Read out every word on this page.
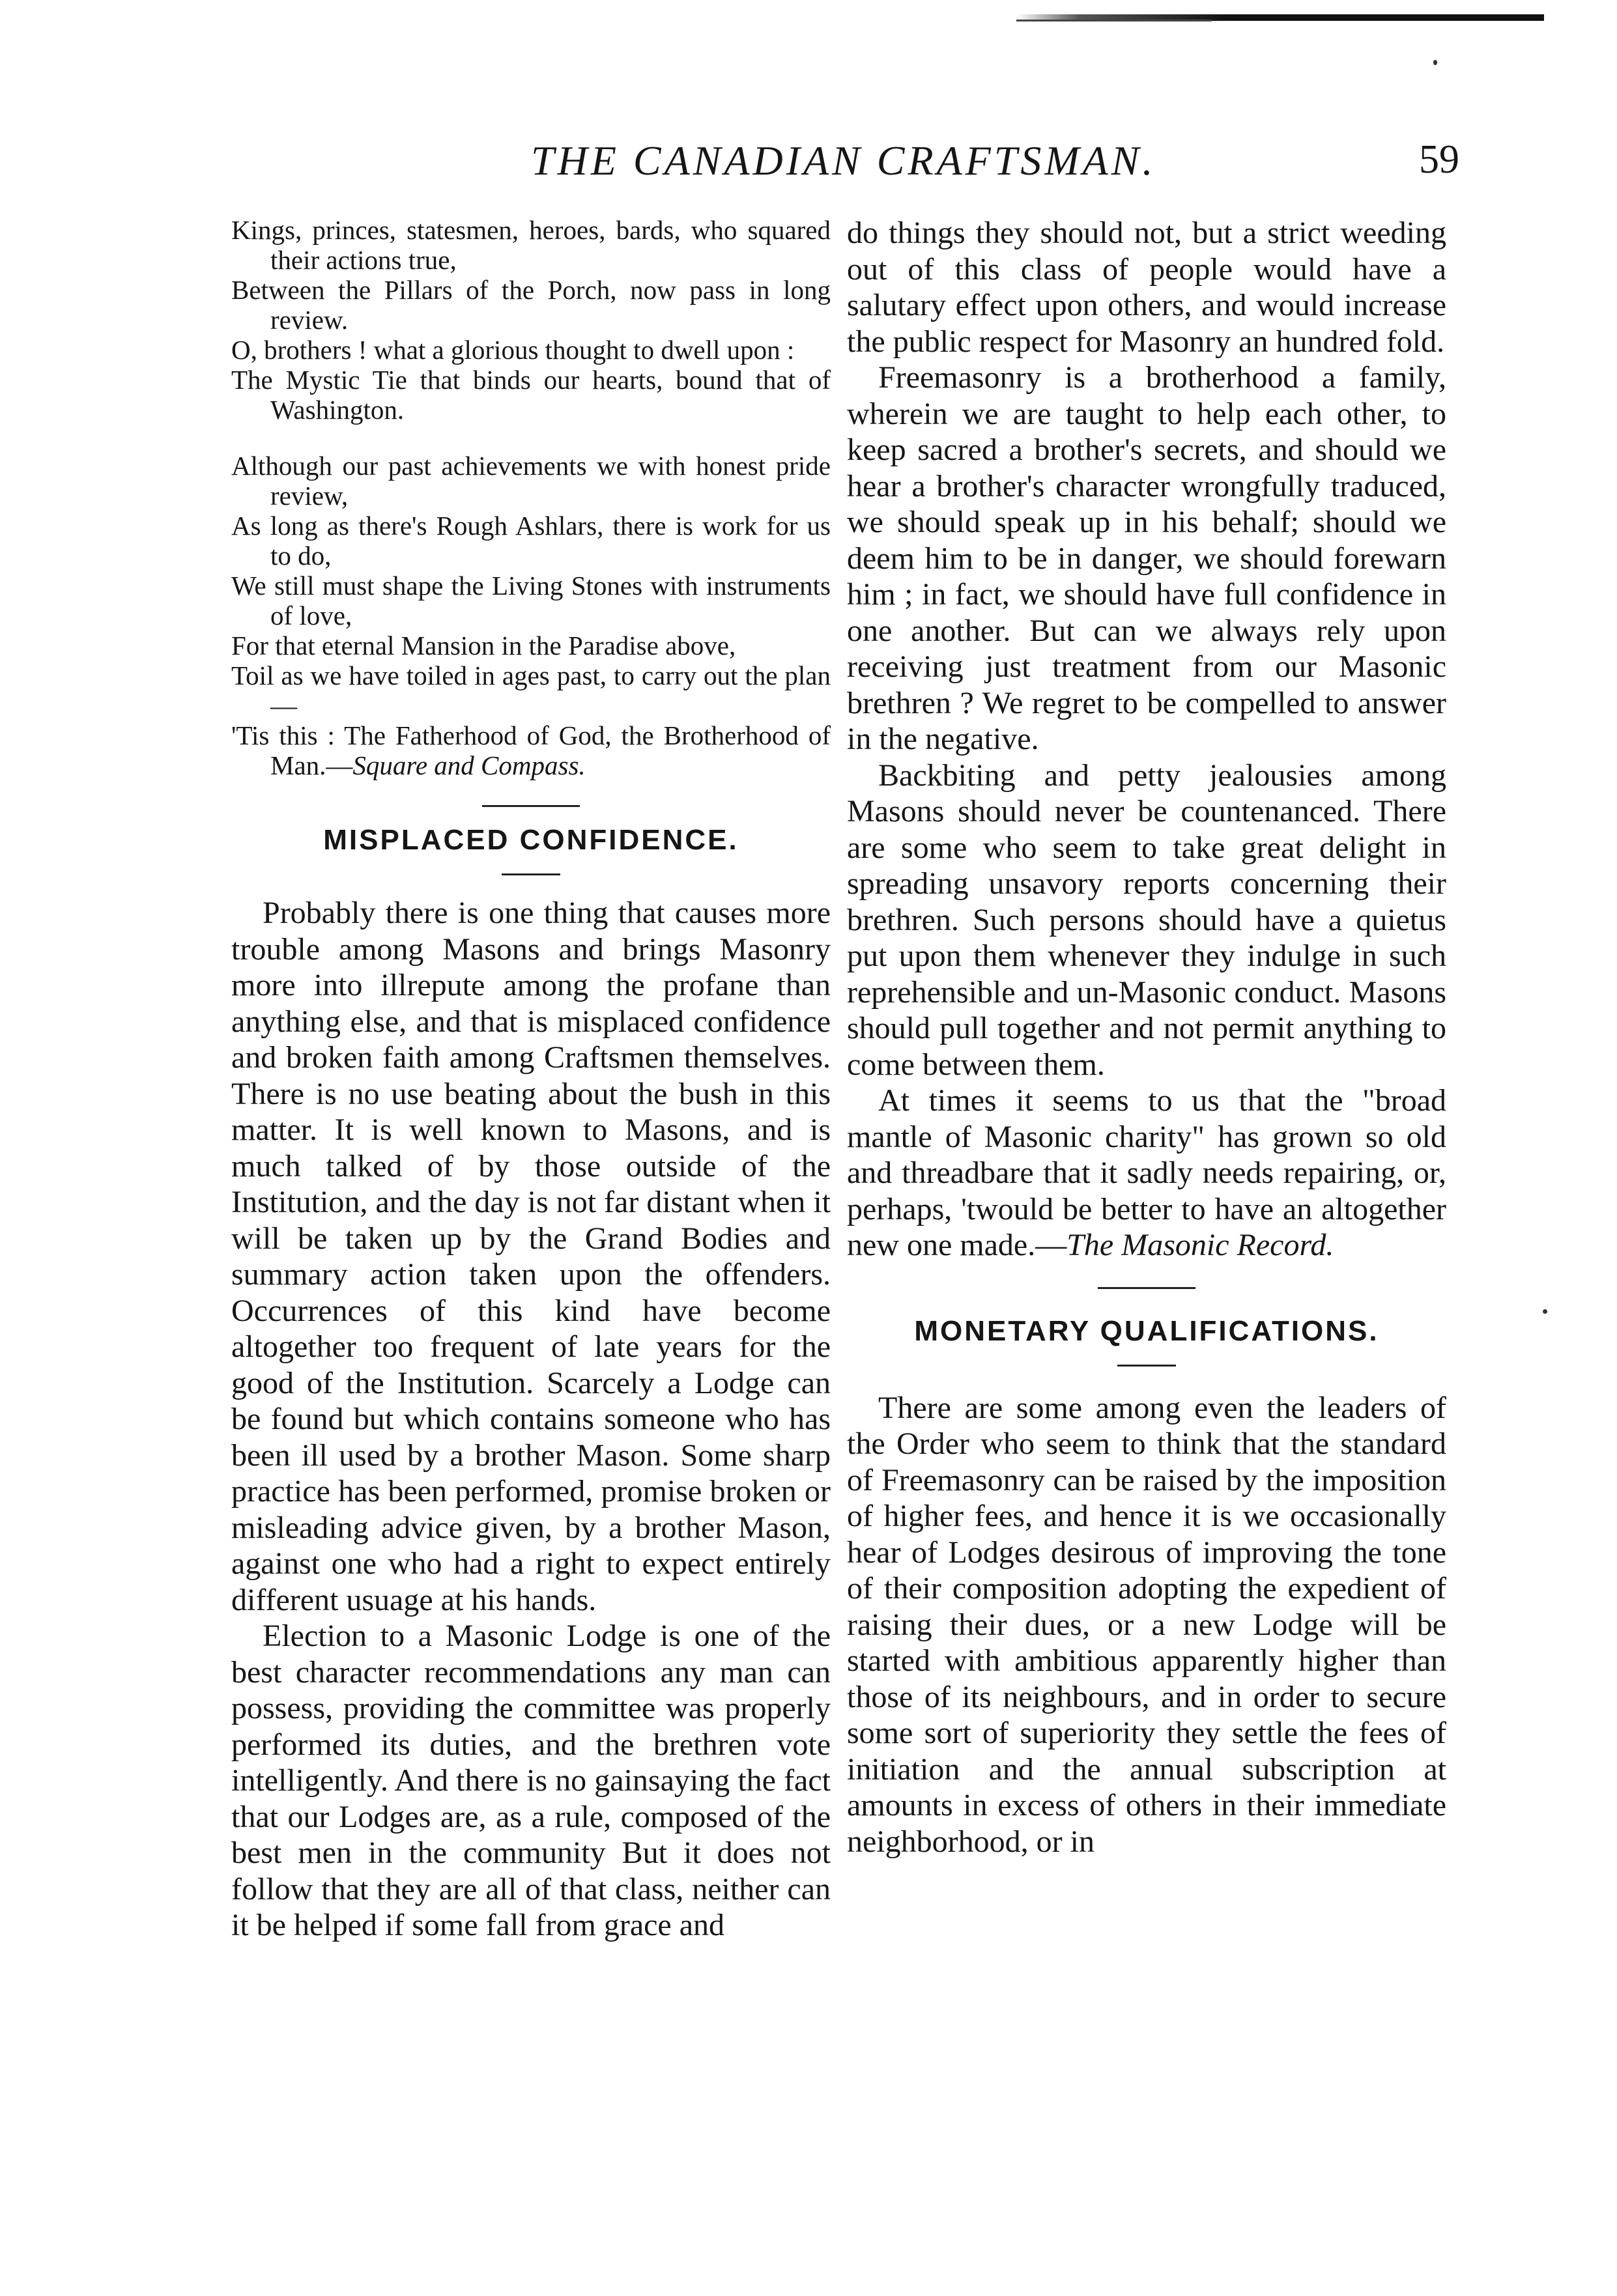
THE CANADIAN CRAFTSMAN.	59

Kings, princes, statesmen, heroes, bards, who squared their actions true,

Between the Pillars of the Porch, now pass in long review.

O, brothers ! what a glorious thought to dwell upon :

The Mystic Tie that binds our hearts, bound that of Washington.

Although our past achievements we with honest pride review,

As long as there's Rough Ashlars, there is work for us to do,

We still must shape the Living Stones with instruments of love,

For that eternal Mansion in the Paradise above,

Toil as we have toiled in ages past, to carry out the plan—

'Tis this : The Fatherhood of God, the Brotherhood of Man.—Square and Compass.

MISPLACED CONFIDENCE.

Probably there is one thing that causes more trouble among Masons and brings Masonry more into illrepute among the profane than anything else, and that is misplaced confidence and broken faith among Craftsmen themselves. There is no use beating about the bush in this matter. It is well known to Masons, and is much talked of by those outside of the Institution, and the day is not far distant when it will be taken up by the Grand Bodies and summary action taken upon the offenders. Occurrences of this kind have become altogether too frequent of late years for the good of the Institution. Scarcely a Lodge can be found but which contains someone who has been ill used by a brother Mason. Some sharp practice has been performed, promise broken or misleading advice given, by a brother Mason, against one who had a right to expect entirely different usuage at his hands.

Election to a Masonic Lodge is one of the best character recommendations any man can possess, providing the committee was properly performed its duties, and the brethren vote intelligently. And there is no gainsaying the fact that our Lodges are, as a rule, composed of the best men in the community But it does not follow that they are all of that class, neither can it be helped if some fall from grace and

do things they should not, but a strict weeding out of this class of people would have a salutary effect upon others, and would increase the public respect for Masonry an hundred fold.

Freemasonry is a brotherhood a family, wherein we are taught to help each other, to keep sacred a brother's secrets, and should we hear a brother's character wrongfully traduced, we should speak up in his behalf; should we deem him to be in danger, we should forewarn him ; in fact, we should have full confidence in one another. But can we always rely upon receiving just treatment from our Masonic brethren ? We regret to be compelled to answer in the negative.

Backbiting and petty jealousies among Masons should never be countenanced. There are some who seem to take great delight in spreading unsavory reports concerning their brethren. Such persons should have a quietus put upon them whenever they indulge in such reprehensible and un-Masonic conduct. Masons should pull together and not permit anything to come between them.

At times it seems to us that the "broad mantle of Masonic charity" has grown so old and threadbare that it sadly needs repairing, or, perhaps, 'twould be better to have an altogether new one made.—The Masonic Record.

MONETARY QUALIFICATIONS.

There are some among even the leaders of the Order who seem to think that the standard of Freemasonry can be raised by the imposition of higher fees, and hence it is we occasionally hear of Lodges desirous of improving the tone of their composition adopting the expedient of raising their dues, or a new Lodge will be started with ambitious apparently higher than those of its neighbours, and in order to secure some sort of superiority they settle the fees of initiation and the annual subscription at amounts in excess of others in their immediate neighborhood, or in
